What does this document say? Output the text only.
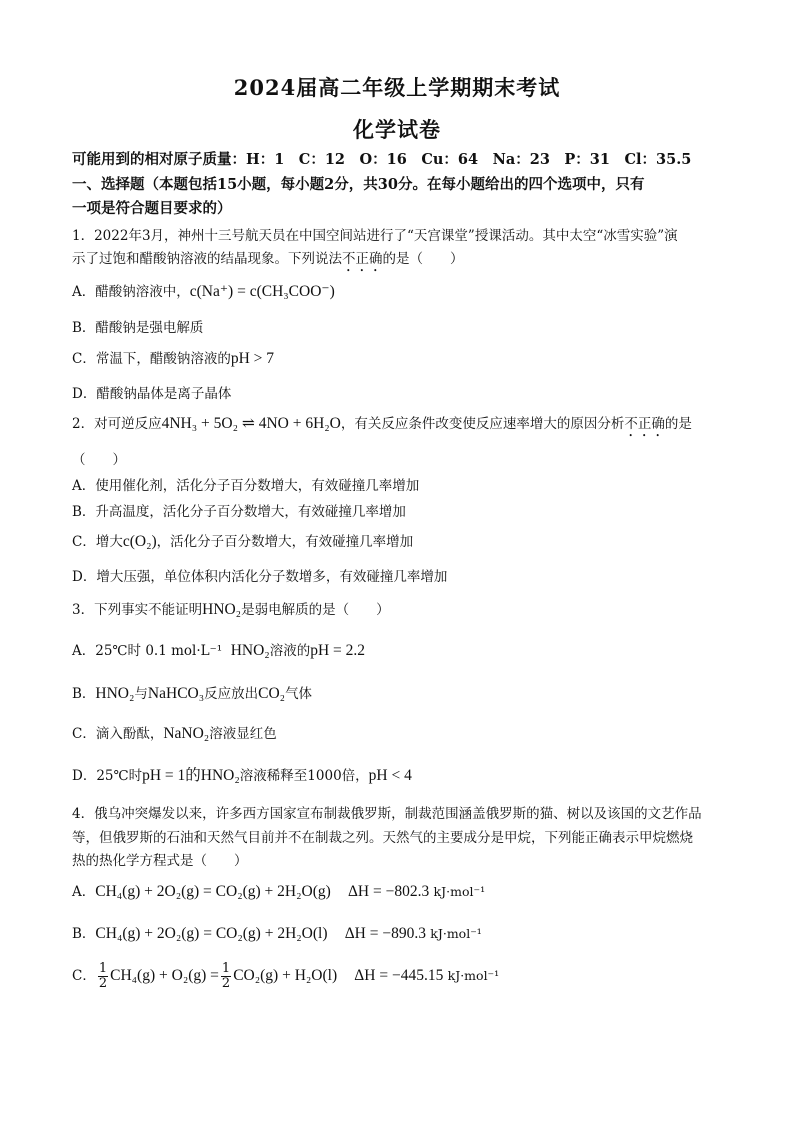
2024届高二年级上学期期末考试
化学试卷
可能用到的相对原子质量：H：1　C：12　O：16　Cu：64　Na：23　P：31　Cl：35.5
一、选择题（本题包括15小题，每小题2分，共30分。在每小题给出的四个选项中，只有
一项是符合题目要求的）
1．2022年3月，神州十三号航天员在中国空间站进行了“天宫课堂”授课活动。其中太空“冰雪实验”演
示了过饱和醋酸钠溶液的结晶现象。下列说法不正确的是（　　）
A．醋酸钠溶液中，c(Na⁺) = c(CH₃COO⁻)
B．醋酸钠是强电解质
C．常温下，醋酸钠溶液的pH > 7
D．醋酸钠晶体是离子晶体
2．对可逆反应4NH₃ + 5O₂ ⇌ 4NO + 6H₂O，有关反应条件改变使反应速率增大的原因分析不正确的是
（　　）
A．使用催化剂，活化分子百分数增大，有效碰撞几率增加
B．升高温度，活化分子百分数增大，有效碰撞几率增加
C．增大c(O₂)，活化分子百分数增大，有效碰撞几率增加
D．增大压强，单位体积内活化分子数增多，有效碰撞几率增加
3．下列事实不能证明HNO₂是弱电解质的是（　　）
A．25℃时 0.1 mol·L⁻¹ HNO₂溶液的pH = 2.2
B．HNO₂与NaHCO₃反应放出CO₂气体
C．滴入酚酞，NaNO₂溶液显红色
D．25℃时pH = 1的HNO₂溶液稀释至1000倍，pH < 4
4．俄乌冲突爆发以来，许多西方国家宣布制裁俄罗斯，制裁范围涵盖俄罗斯的猫、树以及该国的文艺作品
等，但俄罗斯的石油和天然气目前并不在制裁之列。天然气的主要成分是甲烷，下列能正确表示甲烷燃烧
热的热化学方程式是（　　）
A．CH₄(g) + 2O₂(g) = CO₂(g) + 2H₂O(g) ΔH = −802.3 kJ·mol⁻¹
B．CH₄(g) + 2O₂(g) = CO₂(g) + 2H₂O(l) ΔH = −890.3 kJ·mol⁻¹
C． $\frac{1}{2} CH_4(g) + O_2(g) = \frac{1}{2} CO_2(g) + H_2O(l) \Delta H = -445.15$ kJ·mol⁻¹
